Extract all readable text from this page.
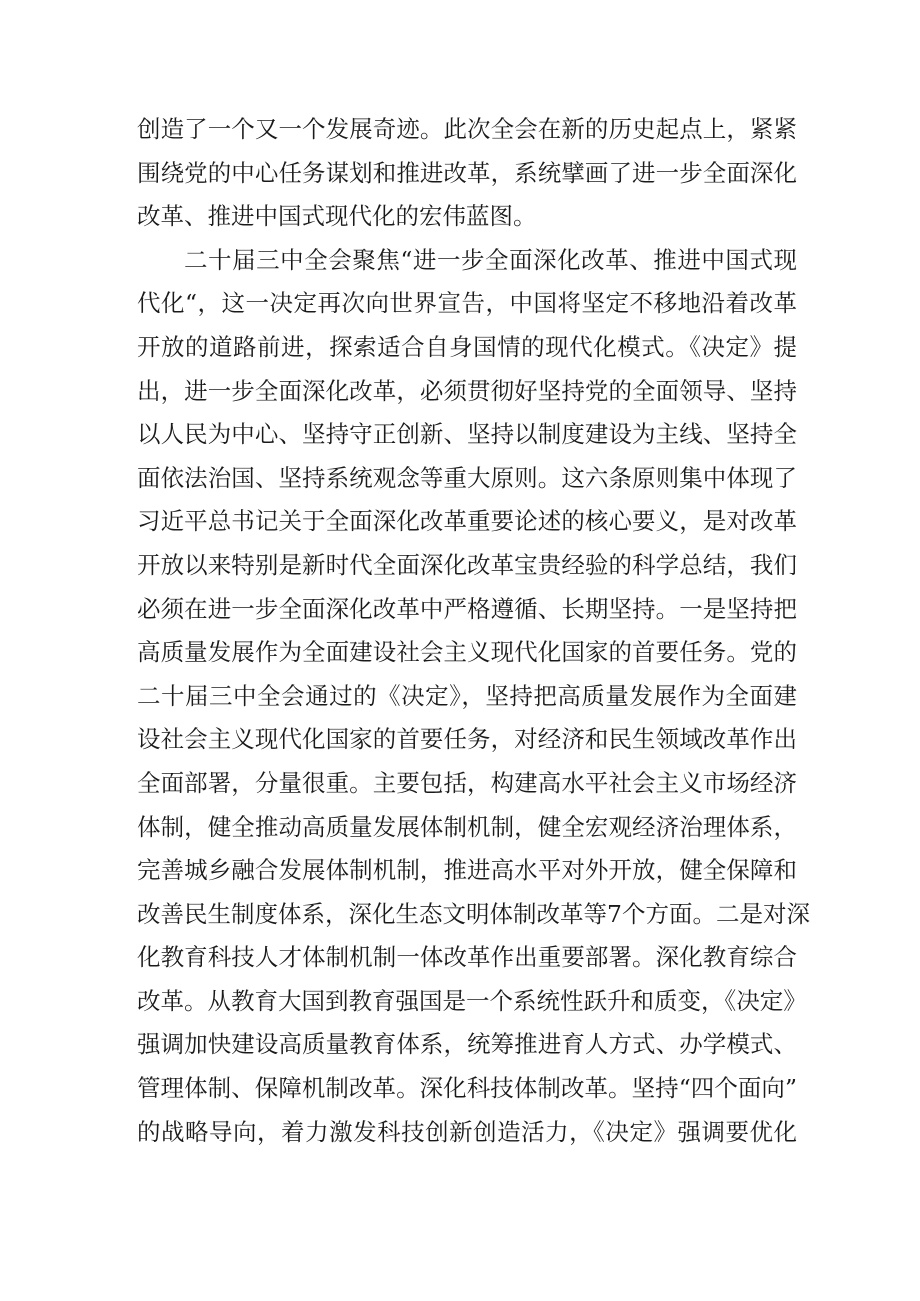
创造了一个又一个发展奇迹。此次全会在新的历史起点上，紧紧
围绕党的中心任务谋划和推进改革，系统擘画了进一步全面深化
改革、推进中国式现代化的宏伟蓝图。
二十届三中全会聚焦“进一步全面深化改革、推进中国式现
代化“，这一决定再次向世界宣告，中国将坚定不移地沿着改革
开放的道路前进，探索适合自身国情的现代化模式。《决定》提
出，进一步全面深化改革，必须贯彻好坚持党的全面领导、坚持
以人民为中心、坚持守正创新、坚持以制度建设为主线、坚持全
面依法治国、坚持系统观念等重大原则。这六条原则集中体现了
习近平总书记关于全面深化改革重要论述的核心要义，是对改革
开放以来特别是新时代全面深化改革宝贵经验的科学总结，我们
必须在进一步全面深化改革中严格遵循、长期坚持。一是坚持把
高质量发展作为全面建设社会主义现代化国家的首要任务。党的
二十届三中全会通过的《决定》，坚持把高质量发展作为全面建
设社会主义现代化国家的首要任务，对经济和民生领域改革作出
全面部署，分量很重。主要包括，构建高水平社会主义市场经济
体制，健全推动高质量发展体制机制，健全宏观经济治理体系，
完善城乡融合发展体制机制，推进高水平对外开放，健全保障和
改善民生制度体系，深化生态文明体制改革等7个方面。二是对深
化教育科技人才体制机制一体改革作出重要部署。深化教育综合
改革。从教育大国到教育强国是一个系统性跃升和质变，《决定》
强调加快建设高质量教育体系，统筹推进育人方式、办学模式、
管理体制、保障机制改革。深化科技体制改革。坚持“四个面向”
的战略导向，着力激发科技创新创造活力，《决定》强调要优化
